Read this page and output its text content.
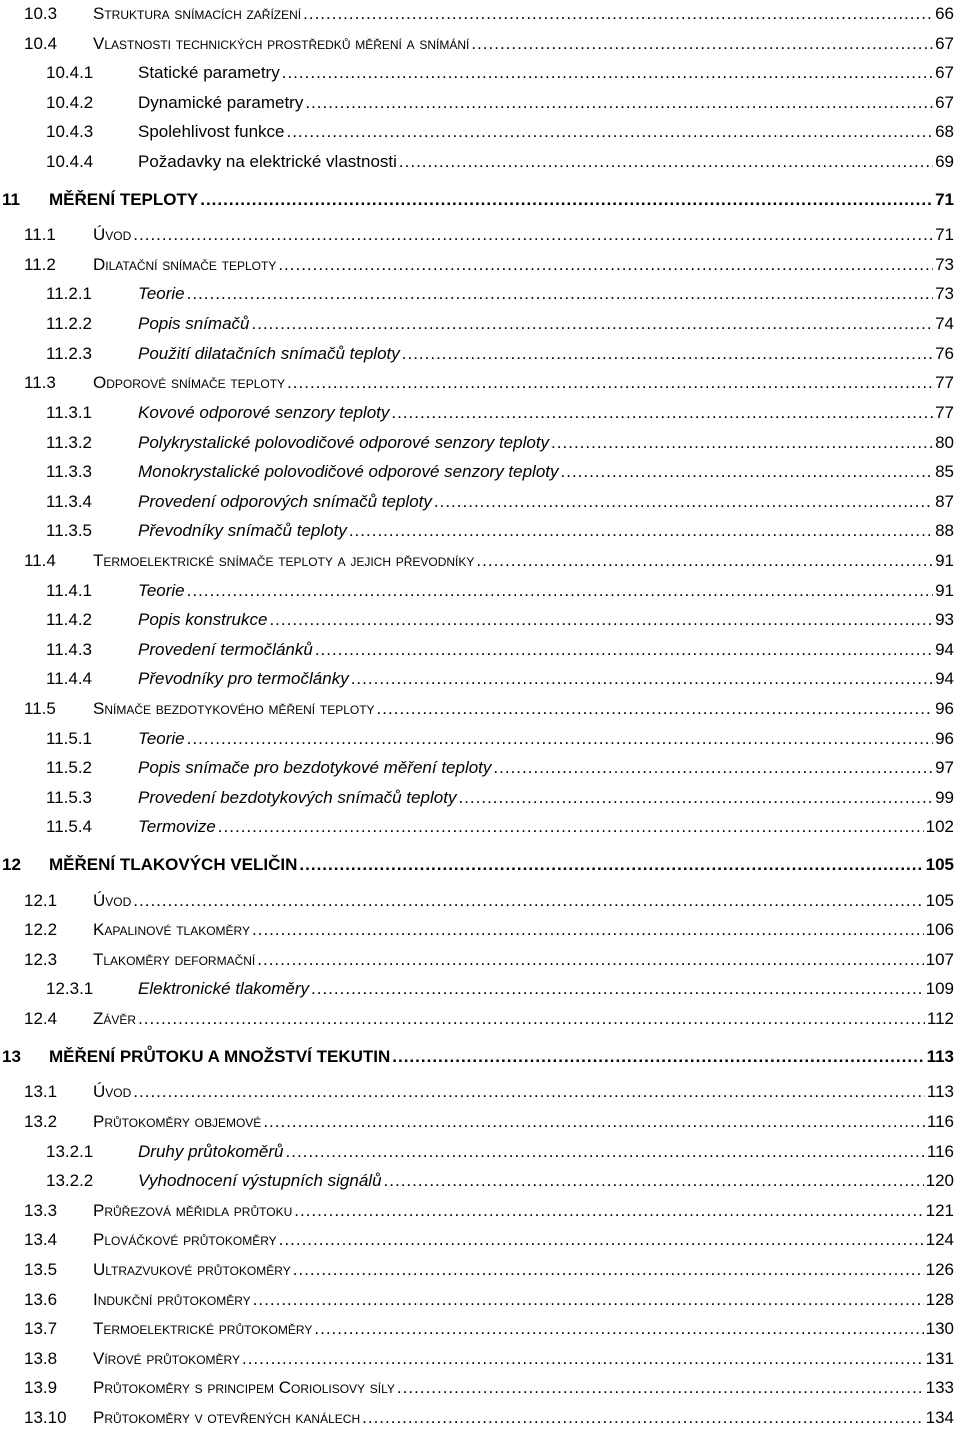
10.3	Struktura snímacích zařízení .....	66
10.4	Vlastnosti technických prostředků měření a snímání .....	67
10.4.1	Statické parametry .....	67
10.4.2	Dynamické parametry .....	67
10.4.3	Spolehlivost funkce .....	68
10.4.4	Požadavky na elektrické vlastnosti .....	69
11	MĚŘENÍ TEPLOTY .....	71
11.1	Úvod .....	71
11.2	Dilatační snímače teploty .....	73
11.2.1	Teorie .....	73
11.2.2	Popis snímačů .....	74
11.2.3	Použití dilatačních snímačů teploty .....	76
11.3	Odporové snímače teploty .....	77
11.3.1	Kovové odporové senzory teploty .....	77
11.3.2	Polykrystalické polovodičové odporové senzory teploty .....	80
11.3.3	Monokrystalické polovodičové odporové senzory teploty .....	85
11.3.4	Provedení odporových snímačů teploty .....	87
11.3.5	Převodníky snímačů teploty .....	88
11.4	Termoelektrické snímače teploty a jejich převodníky .....	91
11.4.1	Teorie .....	91
11.4.2	Popis konstrukce .....	93
11.4.3	Provedení termočlánků .....	94
11.4.4	Převodníky pro termočlánky .....	94
11.5	Snímače bezdotykového měření teploty .....	96
11.5.1	Teorie .....	96
11.5.2	Popis snímače pro bezdotykové měření teploty .....	97
11.5.3	Provedení bezdotykových snímačů teploty .....	99
11.5.4	Termovize .....	102
12	MĚŘENÍ TLAKOVÝCH VELIČIN .....	105
12.1	Úvod .....	105
12.2	Kapalinové tlakoměry .....	106
12.3	Tlakoměry deformační .....	107
12.3.1	Elektronické tlakoměry .....	109
12.4	Závěr .....	112
13	MĚŘENÍ PRŮTOKU A MNOŽSTVÍ TEKUTIN .....	113
13.1	Úvod .....	113
13.2	Průtokoměry objemové .....	116
13.2.1	Druhy průtokoměrů .....	116
13.2.2	Vyhodnocení výstupních signálů .....	120
13.3	Průřezová měřidla průtoku .....	121
13.4	Plováčkové průtokoměry .....	124
13.5	Ultrazvukové průtokoměry .....	126
13.6	Indukční průtokoměry .....	128
13.7	Termoelektrické průtokoměry .....	130
13.8	Vírové průtokoměry .....	131
13.9	Průtokoměry s principem Coriolisovy síly .....	133
13.10	Průtokoměry v otevřených kanálech .....	134
